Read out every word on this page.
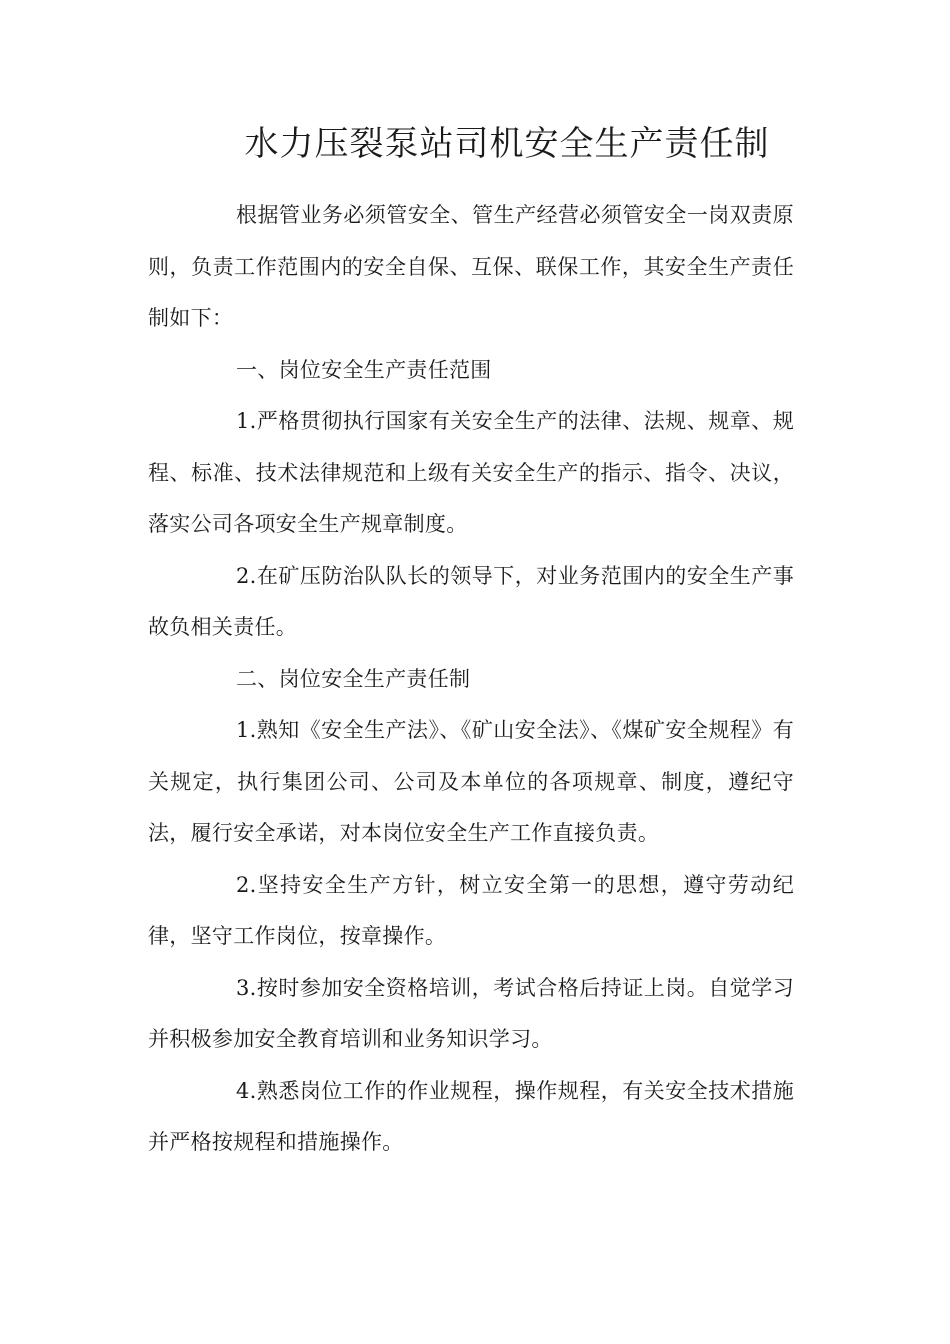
水力压裂泵站司机安全生产责任制

根据管业务必须管安全、管生产经营必须管安全一岗双责原则，负责工作范围内的安全自保、互保、联保工作，其安全生产责任制如下：

一、岗位安全生产责任范围

1.严格贯彻执行国家有关安全生产的法律、法规、规章、规程、标准、技术法律规范和上级有关安全生产的指示、指令、决议，落实公司各项安全生产规章制度。

2.在矿压防治队队长的领导下，对业务范围内的安全生产事故负相关责任。

二、岗位安全生产责任制

1.熟知《安全生产法》、《矿山安全法》、《煤矿安全规程》有关规定，执行集团公司、公司及本单位的各项规章、制度，遵纪守法，履行安全承诺，对本岗位安全生产工作直接负责。

2.坚持安全生产方针，树立安全第一的思想，遵守劳动纪律，坚守工作岗位，按章操作。

3.按时参加安全资格培训，考试合格后持证上岗。自觉学习并积极参加安全教育培训和业务知识学习。

4.熟悉岗位工作的作业规程，操作规程，有关安全技术措施并严格按规程和措施操作。
